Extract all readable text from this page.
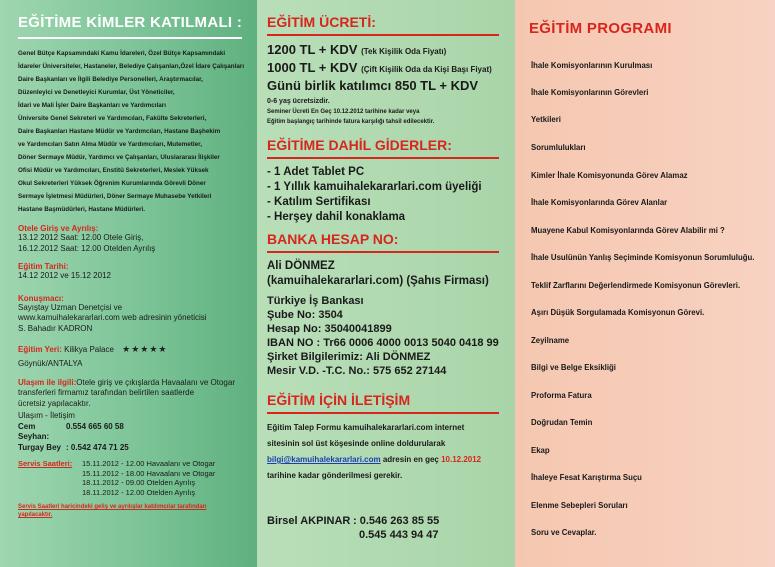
EĞİTİME KİMLER KATILMALI :
Genel Bütçe Kapsamındaki Kamu İdareleri, Özel Bütçe Kapsamındaki
İdareler Üniversiteler, Hastaneler, Belediye Çalışanları,Özel İdare Çalışanları
Daire Başkanları ve İlgili Belediye Personelleri, Araştırmacılar,
Düzenleyici ve Denetleyici Kurumlar, Üst Yöneticiler,
İdari ve Mali İşler Daire Başkanları ve Yardımcıları
Üniversite Genel Sekreteri ve Yardımcıları, Fakülte Sekreterleri,
Daire Başkanları Hastane Müdür ve Yardımcıları, Hastane Başhekim
ve Yardımcıları Satın Alma Müdür ve Yardımcıları, Mutemetler,
Döner Sermaye Müdür, Yardımcı ve Çalışanları, Uluslararası İlişkiler
Ofisi Müdür ve Yardımcıları, Enstitü Sekreterleri, Meslek Yüksek
Okul Sekreterleri Yüksek Öğrenim Kurumlarında Görevli Döner
Sermaye İşletmesi Müdürleri, Döner Sermaye Muhasebe Yetkileri
Hastane Başmüdürleri, Hastane Müdürleri.
Otele Giriş ve Ayrılış:
13.12 2012 Saat: 12.00 Otele Giriş,
16.12.2012 Saat: 12.00 Otelden Ayrılış
Eğitim Tarihi:
14.12 2012 ve 15.12 2012
Konuşmacı:
Sayıştay Uzman Denetçisi ve
www.kamuihalekararlari.com web adresinin yöneticisi
S. Bahadır KADRON
Eğitim Yeri: Kilikya Palace ★★★★★
Göynük/ANTALYA
Ulaşım ile ilgili:Otele giriş ve çıkışlarda Havaalanı ve Otogar
transferleri firmamız tarafından belirtilen saatlerde
ücretsiz yapılacaktır.
Ulaşım - İletişim
Cem Seyhan:
0.554 665 60 58
Turgay Bey : 0.542 474 71 25
Servis Saatleri:	15.11.2012 - 12.00 Havaalanı ve Otogar
15.11.2012 - 18.00 Havaalanı ve Otogar
18.11.2012 - 09.00 Otelden Ayrılış
18.11.2012 - 12.00 Otelden Ayrılış
Servis Saatleri haricindeki geliş ve ayrılışlar katılımcılar tarafından
yapılacaktır.
EĞİTİM ÜCRETİ:
1200 TL + KDV (Tek Kişilik Oda Fiyatı)
1000 TL + KDV (Çift Kişilik Oda da Kişi Başı Fiyat)
Günü birlik katılımcı 850 TL + KDV
0-6 yaş ücretsizdir.
Seminer Ücreti En Geç 10.12.2012 tarihine kadar veya
Eğitim başlangıç tarihinde fatura karşılığı tahsil edilecektir.
EĞİTİME DAHİL GİDERLER:
- 1 Adet Tablet PC
- 1 Yıllık kamuihalekararlari.com üyeliği
- Katılım Sertifikası
- Herşey dahil konaklama
BANKA HESAP NO:
Ali DÖNMEZ
(kamuihalekararlari.com) (Şahıs Firması)
Türkiye İş Bankası
Şube No: 3504
Hesap No: 35040041899
IBAN NO : Tr66 0006 4000 0013 5040 0418 99
Şirket Bilgilerimiz: Ali DÖNMEZ
Mesir V.D. -T.C. No.: 575 652 27144
EĞİTİM İÇİN İLETİŞİM
Eğitim Talep Formu kamuihalekararlari.com internet
sitesinin sol üst köşesinde online doldurularak
bilgi@kamuihalekararlari.com adresin en geç 10.12.2012
tarihine kadar gönderilmesi gerekir.
Birsel AKPINAR : 0.546 263 85 55
0.545 443 94 47
EĞİTİM PROGRAMI
İhale Komisyonlarının Kurulması
İhale Komisyonlarının Görevleri
Yetkileri
Sorumlulukları
Kimler İhale Komisyonunda Görev Alamaz
İhale Komisyonlarında Görev Alanlar
Muayene Kabul Komisyonlarında Görev Alabilir mi ?
İhale Usulünün Yanlış Seçiminde Komisyonun Sorumluluğu.
Teklif Zarflarını Değerlendirmede Komisyonun Görevleri.
Aşırı Düşük Sorgulamada Komisyonun Görevi.
Zeyilname
Bilgi ve Belge Eksikliği
Proforma Fatura
Doğrudan Temin
Ekap
İhaleye Fesat Karıştırma Suçu
Elenme Sebepleri Soruları
Soru ve Cevaplar.
